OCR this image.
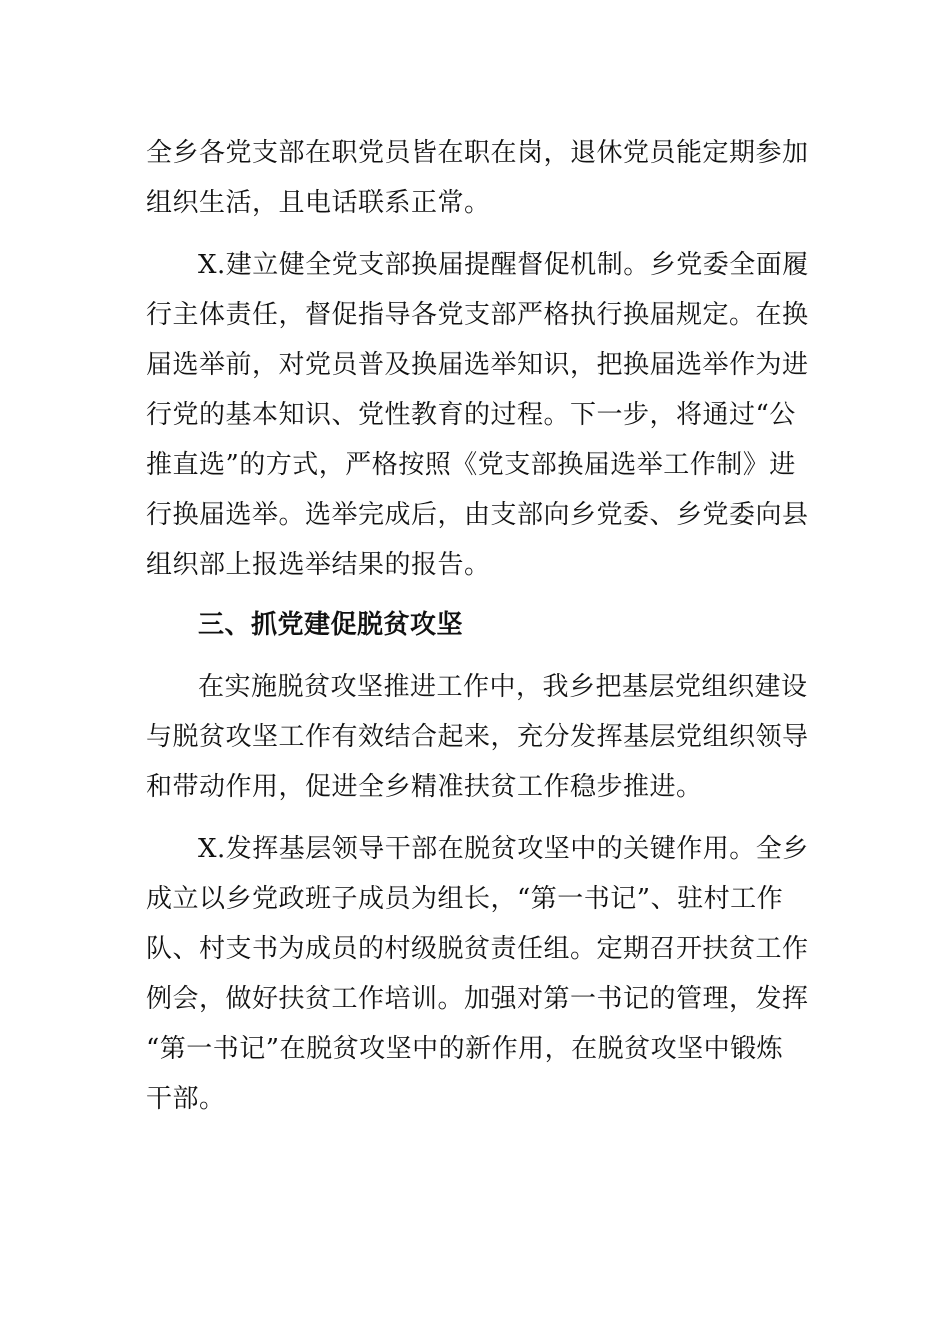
全乡各党支部在职党员皆在职在岗，退休党员能定期参加
组织生活，且电话联系正常。
X.建立健全党支部换届提醒督促机制。乡党委全面履
行主体责任，督促指导各党支部严格执行换届规定。在换
届选举前，对党员普及换届选举知识，把换届选举作为进
行党的基本知识、党性教育的过程。下一步，将通过“公
推直选”的方式，严格按照《党支部换届选举工作制》进
行换届选举。选举完成后，由支部向乡党委、乡党委向县
组织部上报选举结果的报告。
三、抓党建促脱贫攻坚
在实施脱贫攻坚推进工作中，我乡把基层党组织建设
与脱贫攻坚工作有效结合起来，充分发挥基层党组织领导
和带动作用，促进全乡精准扶贫工作稳步推进。
X.发挥基层领导干部在脱贫攻坚中的关键作用。全乡
成立以乡党政班子成员为组长，“第一书记”、驻村工作
队、村支书为成员的村级脱贫责任组。定期召开扶贫工作
例会，做好扶贫工作培训。加强对第一书记的管理，发挥
“第一书记”在脱贫攻坚中的新作用，在脱贫攻坚中锻炼
干部。
